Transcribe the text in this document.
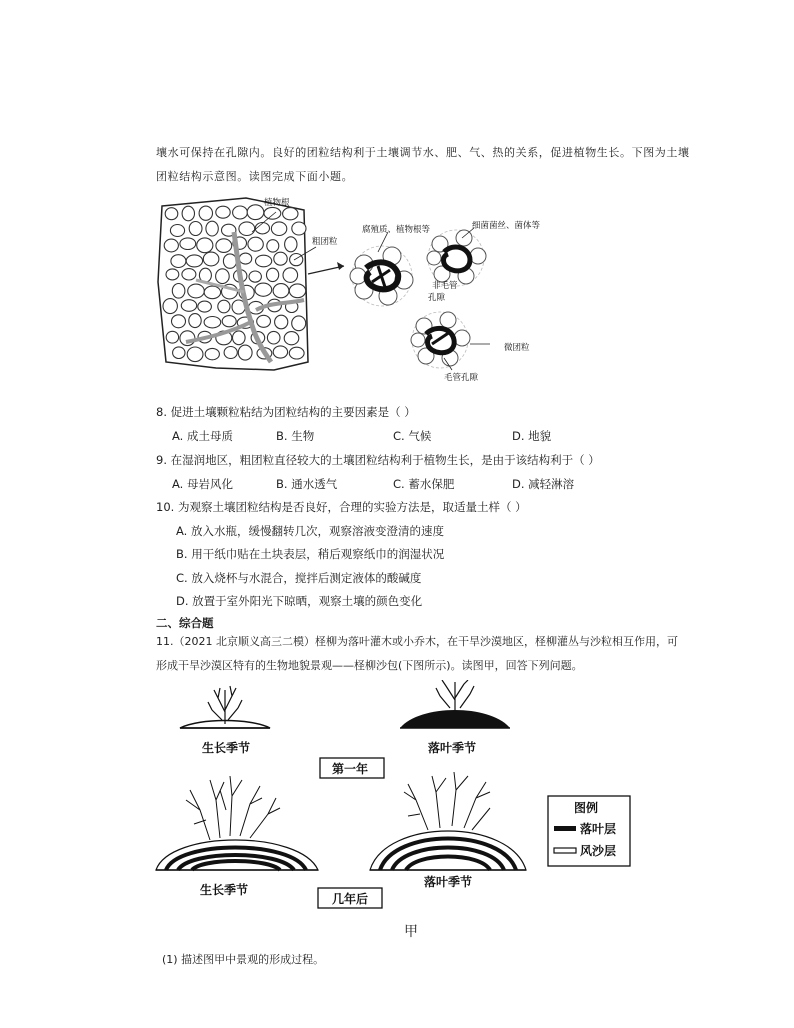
壤水可保持在孔隙内。良好的团粒结构利于土壤调节水、肥、气、热的关系，促进植物生长。下图为土壤
团粒结构示意图。读图完成下面小题。
植物根
粗团粒
腐殖质、植物根等	细菌菌丝、菌体等
非毛管
孔隙
微团粒
毛管孔隙
8. 促进土壤颗粒粘结为团粒结构的主要因素是（ ）
A. 成土母质	B. 生物	C. 气候	D. 地貌
9. 在湿润地区，粗团粒直径较大的土壤团粒结构利于植物生长，是由于该结构利于（ ）
A. 母岩风化	B. 通水透气	C. 蓄水保肥	D. 减轻淋溶
10. 为观察土壤团粒结构是否良好，合理的实验方法是，取适量土样（ ）
A. 放入水瓶，缓慢翻转几次，观察溶液变澄清的速度
B. 用干纸巾贴在土块表层，稍后观察纸巾的润湿状况
C. 放入烧杯与水混合，搅拌后测定液体的酸碱度
D. 放置于室外阳光下晾晒，观察土壤的颜色变化
二、综合题
11.（2021 北京顺义高三二模）柽柳为落叶灌木或小乔木，在干旱沙漠地区，柽柳灌丛与沙粒相互作用，可
形成干旱沙漠区特有的生物地貌景观——柽柳沙包(下图所示)。读图甲，回答下列问题。
生长季节	落叶季节
第一年
生长季节
落叶季节
几年后
图例
落叶层
风沙层
甲
(1) 描述图甲中景观的形成过程。
